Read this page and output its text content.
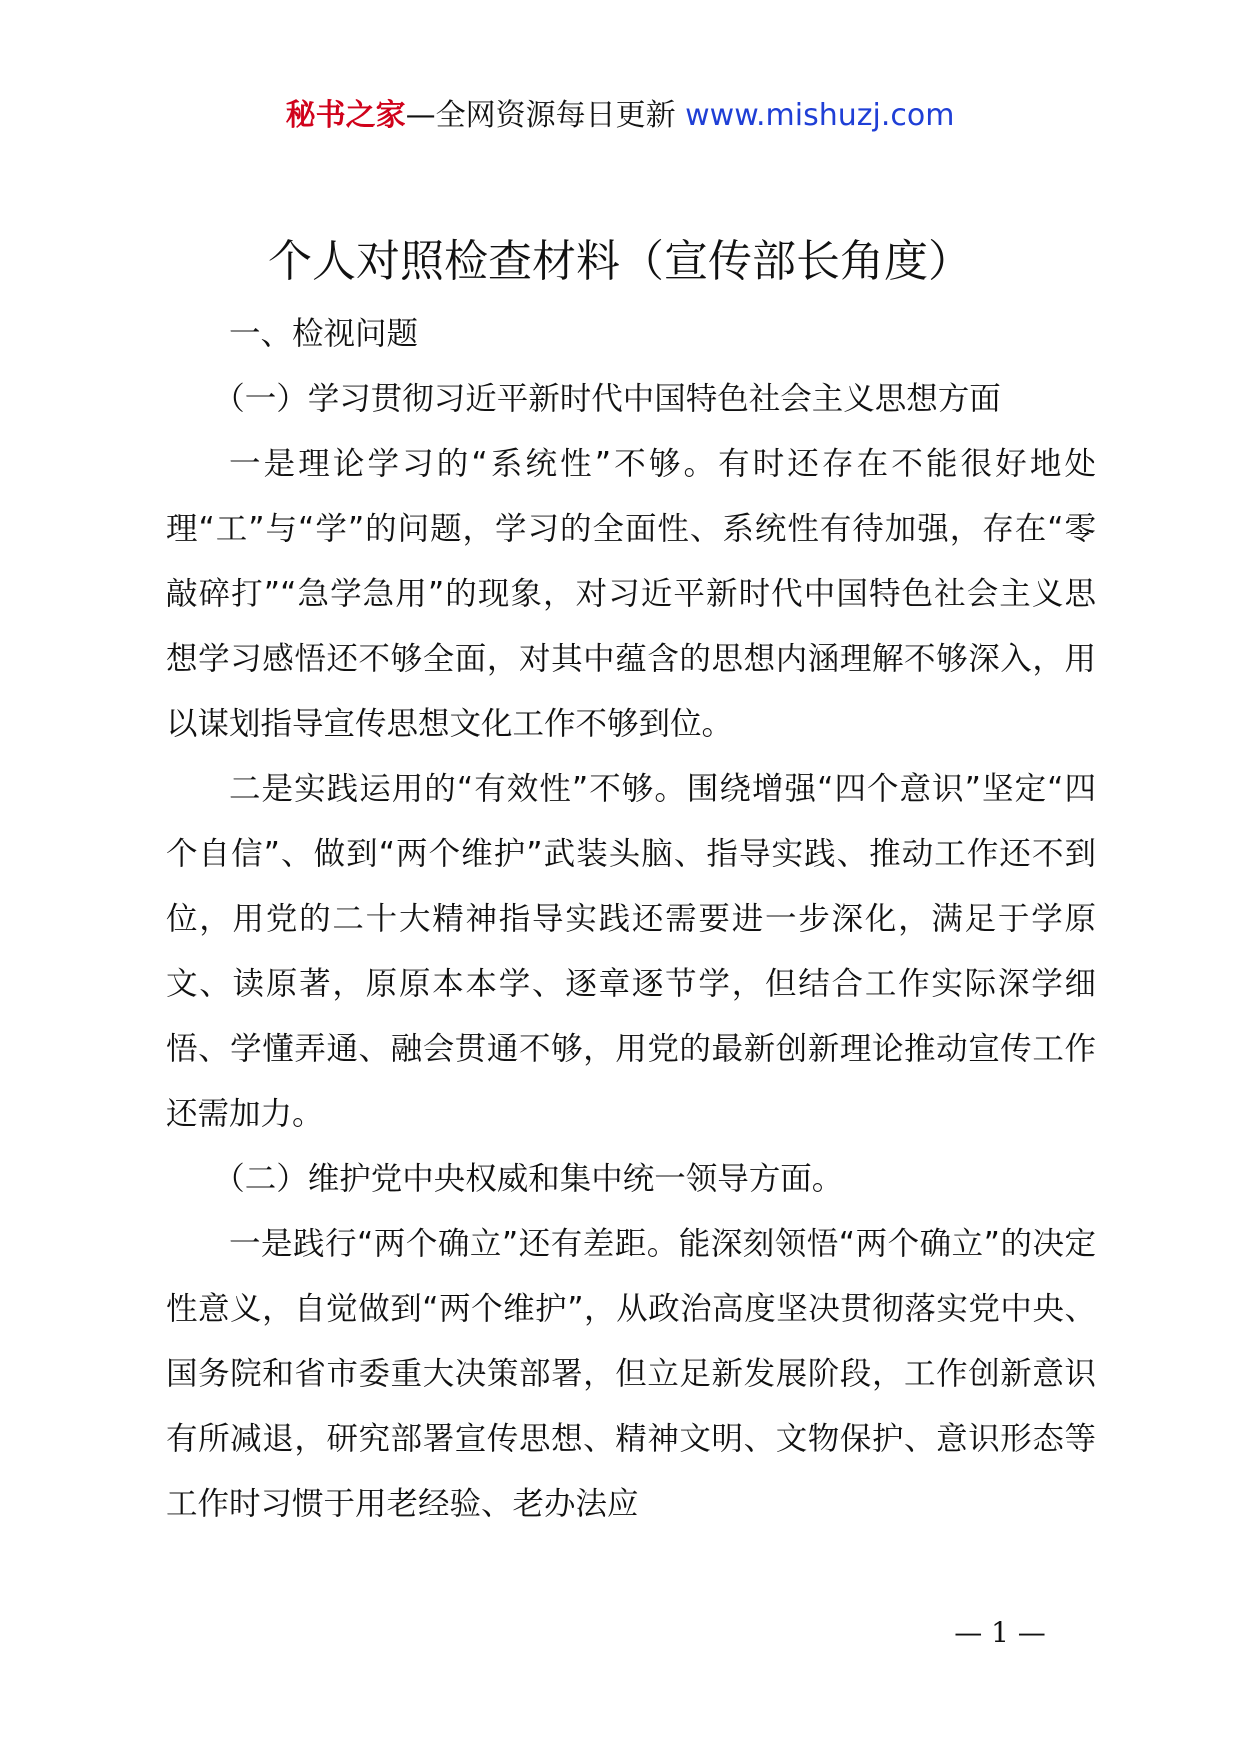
秘书之家—全网资源每日更新 www.mishuzj.com
个人对照检查材料（宣传部长角度）

一、检视问题

（一）学习贯彻习近平新时代中国特色社会主义思想方面

一是理论学习的“系统性”不够。有时还存在不能很好地处理“工”与“学”的问题，学习的全面性、系统性有待加强，存在“零敲碎打”“急学急用”的现象，对习近平新时代中国特色社会主义思想学习感悟还不够全面，对其中蕴含的思想内涵理解不够深入，用以谋划指导宣传思想文化工作不够到位。

二是实践运用的“有效性”不够。围绕增强“四个意识”坚定“四个自信”、做到“两个维护”武装头脑、指导实践、推动工作还不到位，用党的二十大精神指导实践还需要进一步深化，满足于学原文、读原著，原原本本学、逐章逐节学，但结合工作实际深学细悟、学懂弄通、融会贯通不够，用党的最新创新理论推动宣传工作还需加力。

（二）维护党中央权威和集中统一领导方面。

一是践行“两个确立”还有差距。能深刻领悟“两个确立”的决定性意义，自觉做到“两个维护”，从政治高度坚决贯彻落实党中央、国务院和省市委重大决策部署，但立足新发展阶段，工作创新意识有所减退，研究部署宣传思想、精神文明、文物保护、意识形态等工作时习惯于用老经验、老办法应

— 1 —
